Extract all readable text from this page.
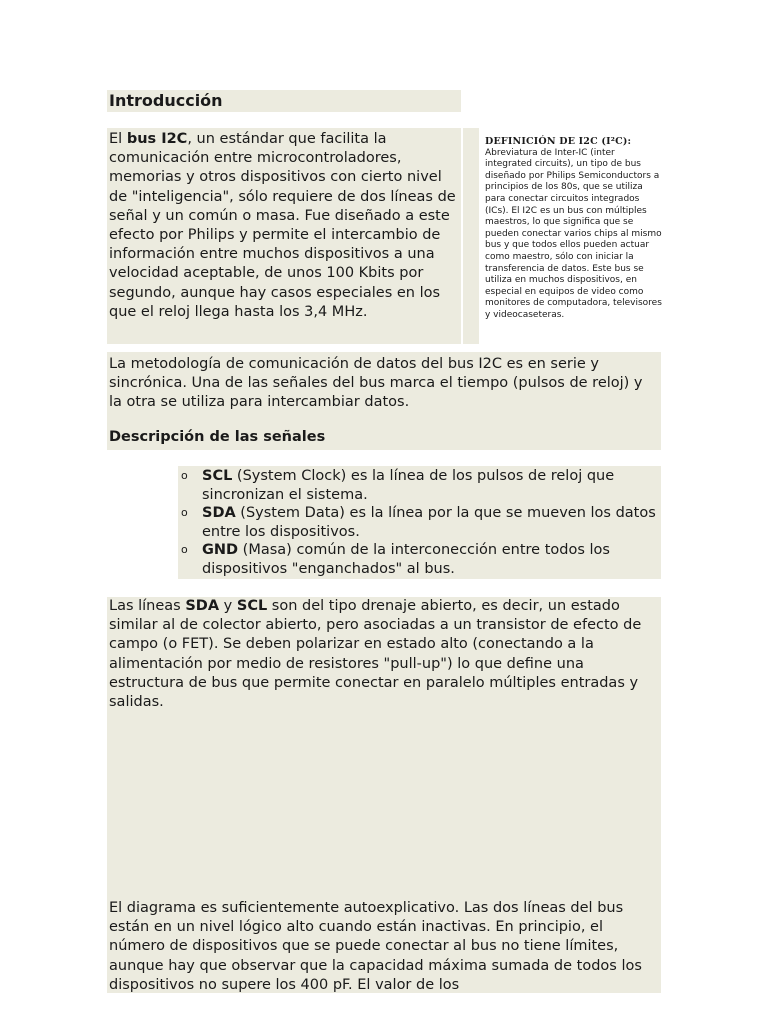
Introducción
El bus I2C, un estándar que facilita la comunicación entre microcontroladores, memorias y otros dispositivos con cierto nivel de "inteligencia", sólo requiere de dos líneas de señal y un común o masa. Fue diseñado a este efecto por Philips y permite el intercambio de información entre muchos dispositivos a una velocidad aceptable, de unos 100 Kbits por segundo, aunque hay casos especiales en los que el reloj llega hasta los 3,4 MHz.
DEFINICIÓN DE I2C (I²C):
Abreviatura de Inter-IC (inter integrated circuits), un tipo de bus diseñado por Philips Semiconductors a principios de los 80s, que se utiliza para conectar circuitos integrados (ICs). El I2C es un bus con múltiples maestros, lo que significa que se pueden conectar varios chips al mismo bus y que todos ellos pueden actuar como maestro, sólo con iniciar la transferencia de datos. Este bus se utiliza en muchos dispositivos, en especial en equipos de video como monitores de computadora, televisores y videocaseteras.
La metodología de comunicación de datos del bus I2C es en serie y sincrónica. Una de las señales del bus marca el tiempo (pulsos de reloj) y la otra se utiliza para intercambiar datos.
Descripción de las señales
o SCL (System Clock) es la línea de los pulsos de reloj que sincronizan el sistema.
o SDA (System Data) es la línea por la que se mueven los datos entre los dispositivos.
o GND (Masa) común de la interconección entre todos los dispositivos "enganchados" al bus.
Las líneas SDA y SCL son del tipo drenaje abierto, es decir, un estado similar al de colector abierto, pero asociadas a un transistor de efecto de campo (o FET). Se deben polarizar en estado alto (conectando a la alimentación por medio de resistores "pull-up") lo que define una estructura de bus que permite conectar en paralelo múltiples entradas y salidas.
El diagrama es suficientemente autoexplicativo. Las dos líneas del bus están en un nivel lógico alto cuando están inactivas. En principio, el número de dispositivos que se puede conectar al bus no tiene límites, aunque hay que observar que la capacidad máxima sumada de todos los dispositivos no supere los 400 pF. El valor de los
